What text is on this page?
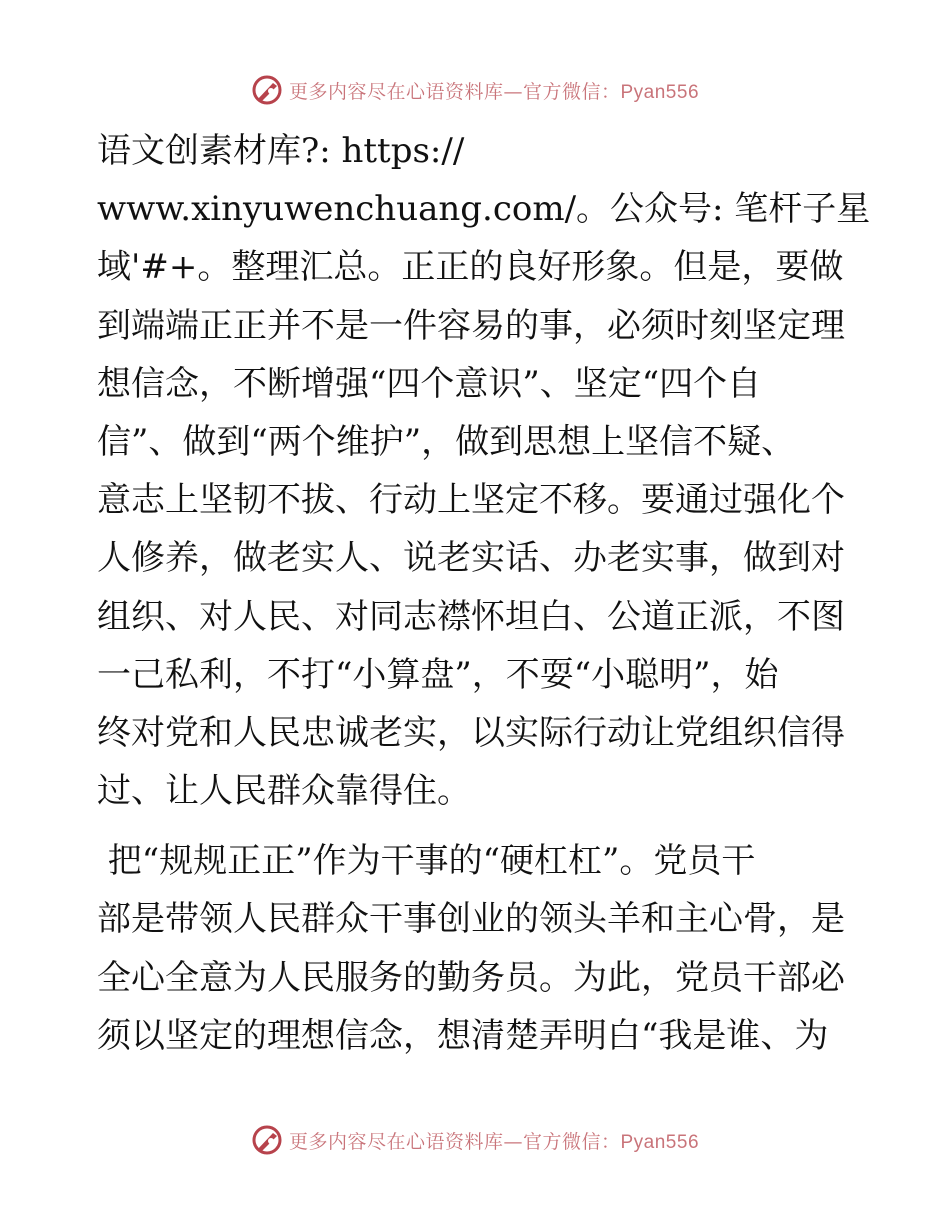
更多内容尽在心语资料库—官方微信：Pyan556
语文创素材库?: https://
www.xinyuwenchuang.com/。公众号: 笔杆子星
域'#+。整理汇总。正正的良好形象。但是，要做
到端端正正并不是一件容易的事，必须时刻坚定理
想信念，不断增强“四个意识”、坚定“四个自
信”、做到“两个维护”，做到思想上坚信不疑、
意志上坚韧不拔、行动上坚定不移。要通过强化个
人修养，做老实人、说老实话、办老实事，做到对
组织、对人民、对同志襟怀坦白、公道正派，不图
一己私利，不打“小算盘”，不耍“小聪明”，始
终对党和人民忠诚老实，以实际行动让党组织信得
过、让人民群众靠得住。
把“规规正正”作为干事的“硬杠杠”。党员干
部是带领人民群众干事创业的领头羊和主心骨，是
全心全意为人民服务的勤务员。为此，党员干部必
须以坚定的理想信念，想清楚弄明白“我是谁、为
更多内容尽在心语资料库—官方微信：Pyan556
